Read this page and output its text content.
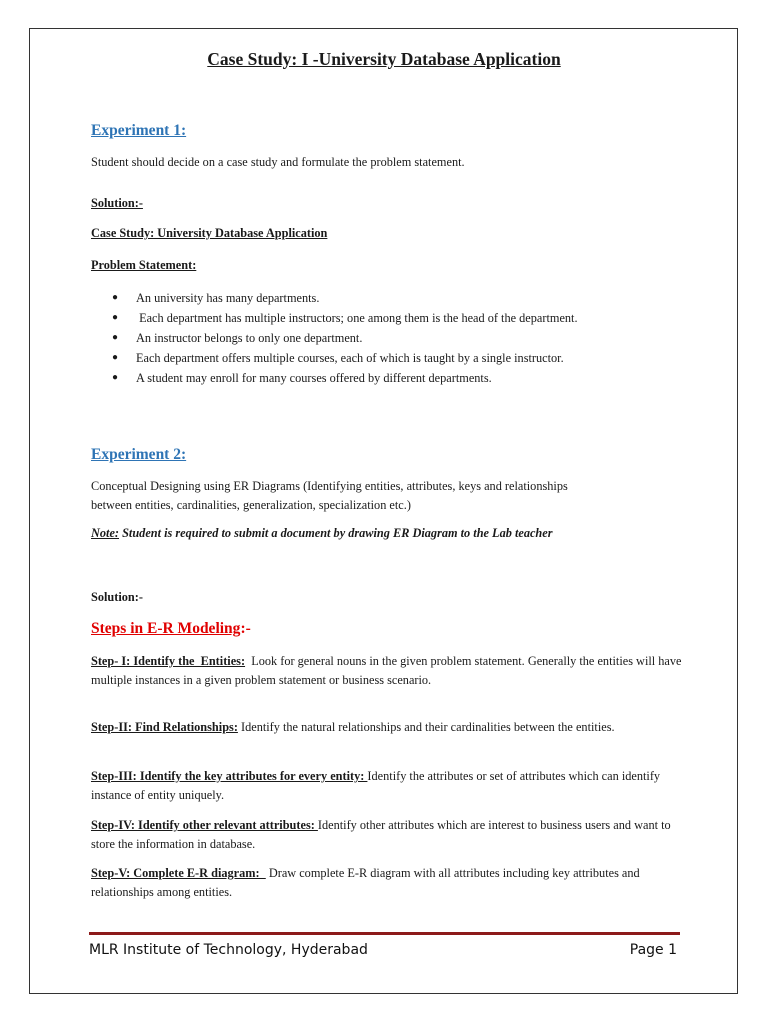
Case Study: I -University Database Application
Experiment 1:
Student should decide on a case study and formulate the problem statement.
Solution:-
Case Study: University Database Application
Problem Statement:
● An university has many departments.
● Each department has multiple instructors; one among them is the head of the department.
● An instructor belongs to only one department.
● Each department offers multiple courses, each of which is taught by a single instructor.
● A student may enroll for many courses offered by different departments.
Experiment 2:
Conceptual Designing using ER Diagrams (Identifying entities, attributes, keys and relationships
between entities, cardinalities, generalization, specialization etc.)
Note: Student is required to submit a document by drawing ER Diagram to the Lab teacher
Solution:-
Steps in E-R Modeling:-
Step- I: Identify the  Entities:  Look for general nouns in the given problem statement. Generally the entities will have multiple instances in a given problem statement or business scenario.
Step-II: Find Relationships: Identify the natural relationships and their cardinalities between the entities.
Step-III: Identify the key attributes for every entity: Identify the attributes or set of attributes which can identify instance of entity uniquely.
Step-IV: Identify other relevant attributes: Identify other attributes which are interest to business users and want to store the information in database.
Step-V: Complete E-R diagram:   Draw complete E-R diagram with all attributes including key attributes and relationships among entities.
MLR Institute of Technology, Hyderabad	Page 1
